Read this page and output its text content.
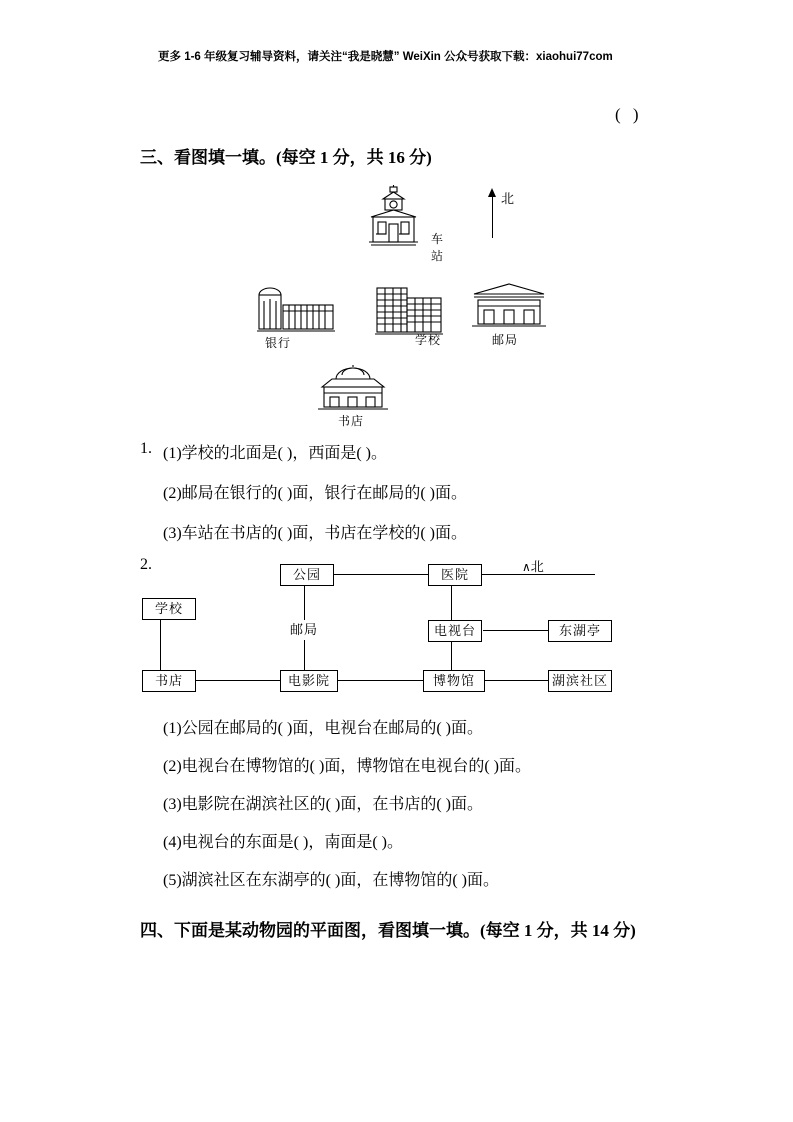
更多 1-6 年级复习辅导资料，请关注“我是晓慧” WeiXin 公众号获取下载：xiaohui77com
( )
三、看图填一填。(每空 1 分，共 16 分)
北
车站
银行	学校	邮局
书店
1. (1)学校的北面是( )，西面是( )。
(2)邮局在银行的( )面，银行在邮局的( )面。
(3)车站在书店的( )面，书店在学校的( )面。
2.	∧北
公园	医院
学校
电视台	东湖亭
邮局
书店	电影院	博物馆	湖滨社区
(1)公园在邮局的( )面，电视台在邮局的( )面。
(2)电视台在博物馆的( )面，博物馆在电视台的( )面。
(3)电影院在湖滨社区的( )面，在书店的( )面。
(4)电视台的东面是( )，南面是( )。
(5)湖滨社区在东湖亭的( )面，在博物馆的( )面。
四、下面是某动物园的平面图，看图填一填。(每空 1 分，共 14 分)
